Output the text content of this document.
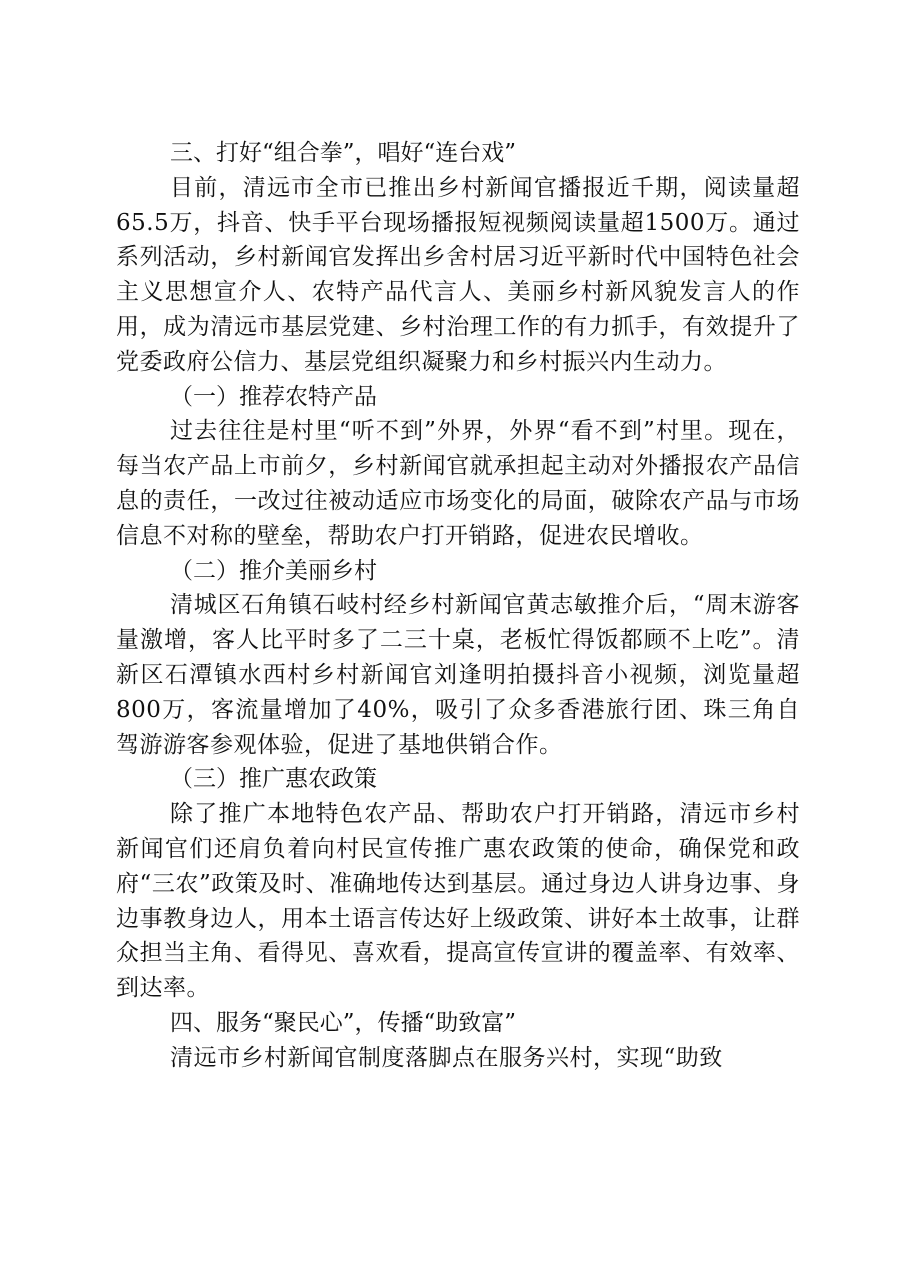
三、打好“组合拳”，唱好“连台戏”

目前，清远市全市已推出乡村新闻官播报近千期，阅读量超65.5万，抖音、快手平台现场播报短视频阅读量超1500万。通过系列活动，乡村新闻官发挥出乡舍村居习近平新时代中国特色社会主义思想宣介人、农特产品代言人、美丽乡村新风貌发言人的作用，成为清远市基层党建、乡村治理工作的有力抓手，有效提升了党委政府公信力、基层党组织凝聚力和乡村振兴内生动力。

（一）推荐农特产品

过去往往是村里“听不到”外界，外界“看不到”村里。现在，每当农产品上市前夕，乡村新闻官就承担起主动对外播报农产品信息的责任，一改过往被动适应市场变化的局面，破除农产品与市场信息不对称的壁垒，帮助农户打开销路，促进农民增收。

（二）推介美丽乡村

清城区石角镇石岐村经乡村新闻官黄志敏推介后，“周末游客量激增，客人比平时多了二三十桌，老板忙得饭都顾不上吃”。清新区石潭镇水西村乡村新闻官刘逢明拍摄抖音小视频，浏览量超800万，客流量增加了40%，吸引了众多香港旅行团、珠三角自驾游游客参观体验，促进了基地供销合作。

（三）推广惠农政策

除了推广本地特色农产品、帮助农户打开销路，清远市乡村新闻官们还肩负着向村民宣传推广惠农政策的使命，确保党和政府“三农”政策及时、准确地传达到基层。通过身边人讲身边事、身边事教身边人，用本土语言传达好上级政策、讲好本土故事，让群众担当主角、看得见、喜欢看，提高宣传宣讲的覆盖率、有效率、到达率。

四、服务“聚民心”，传播“助致富”

清远市乡村新闻官制度落脚点在服务兴村，实现“助致
